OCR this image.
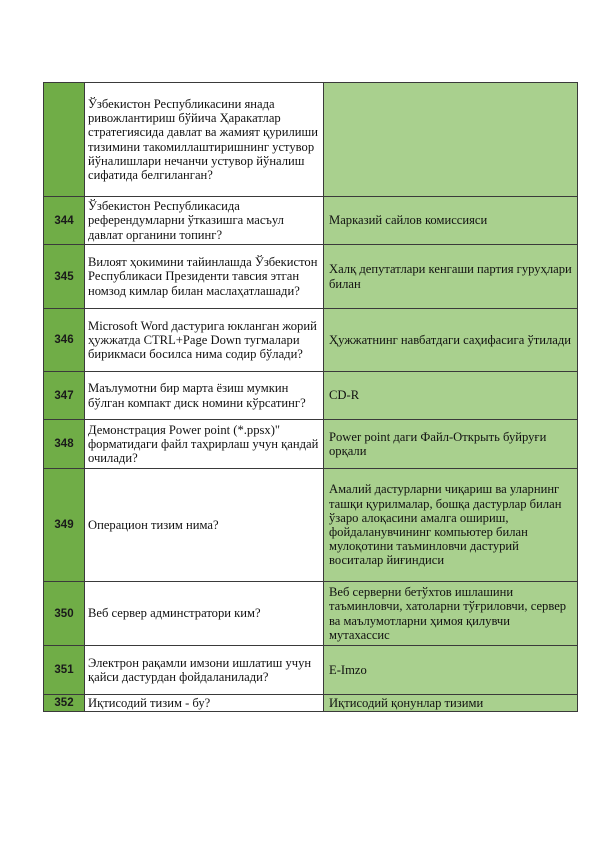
	Ўзбекистон Республикасини янада ривожлантириш бўйича Ҳаракатлар стратегиясида давлат ва жамият қурилиши тизимини такомиллаштиришнинг устувор йўналишлари нечанчи устувор йўналиш сифатида белгиланган?	
344	Ўзбекистон Республикасида референдумларни ўтказишга масъул давлат органини топинг?	Марказий сайлов комиссияси
345	Вилоят ҳокимини тайинлашда Ўзбекистон Республикаси Президенти тавсия этган номзод кимлар билан маслаҳатлашади?	Халқ депутатлари кенгаши партия гуруҳлари билан
346	Microsoft Word дастурига юкланган жорий ҳужжатда CTRL+Page Down тугмалари бирикмаси босилса нима содир бўлади?	Ҳужжатнинг навбатдаги саҳифасига ўтилади
347	Маълумотни бир марта ёзиш мумкин бўлган компакт диск номини кўрсатинг?	CD-R
348	Демонстрация Power point (*.ppsx)" форматидаги файл таҳрирлаш учун қандай очилади?	Power point даги Файл-Открыть буйруғи орқали
349	Операцион тизим нима?	Амалий дастурларни чиқариш ва уларнинг ташқи қурилмалар, бошқа дастурлар билан ўзаро алоқасини амалга ошириш, фойдаланувчининг компьютер билан мулоқотини таъминловчи дастурий воситалар йиғиндиси
350	Веб сервер админстратори ким?	Веб серверни бетўхтов ишлашини таъминловчи, хатоларни тўғриловчи, сервер ва маълумотларни ҳимоя қилувчи мутахассис
351	Электрон рақамли имзони ишлатиш учун қайси дастурдан фойдаланилади?	E-Imzo
352	Иқтисодий тизим - бу?	Иқтисодий қонунлар тизими
